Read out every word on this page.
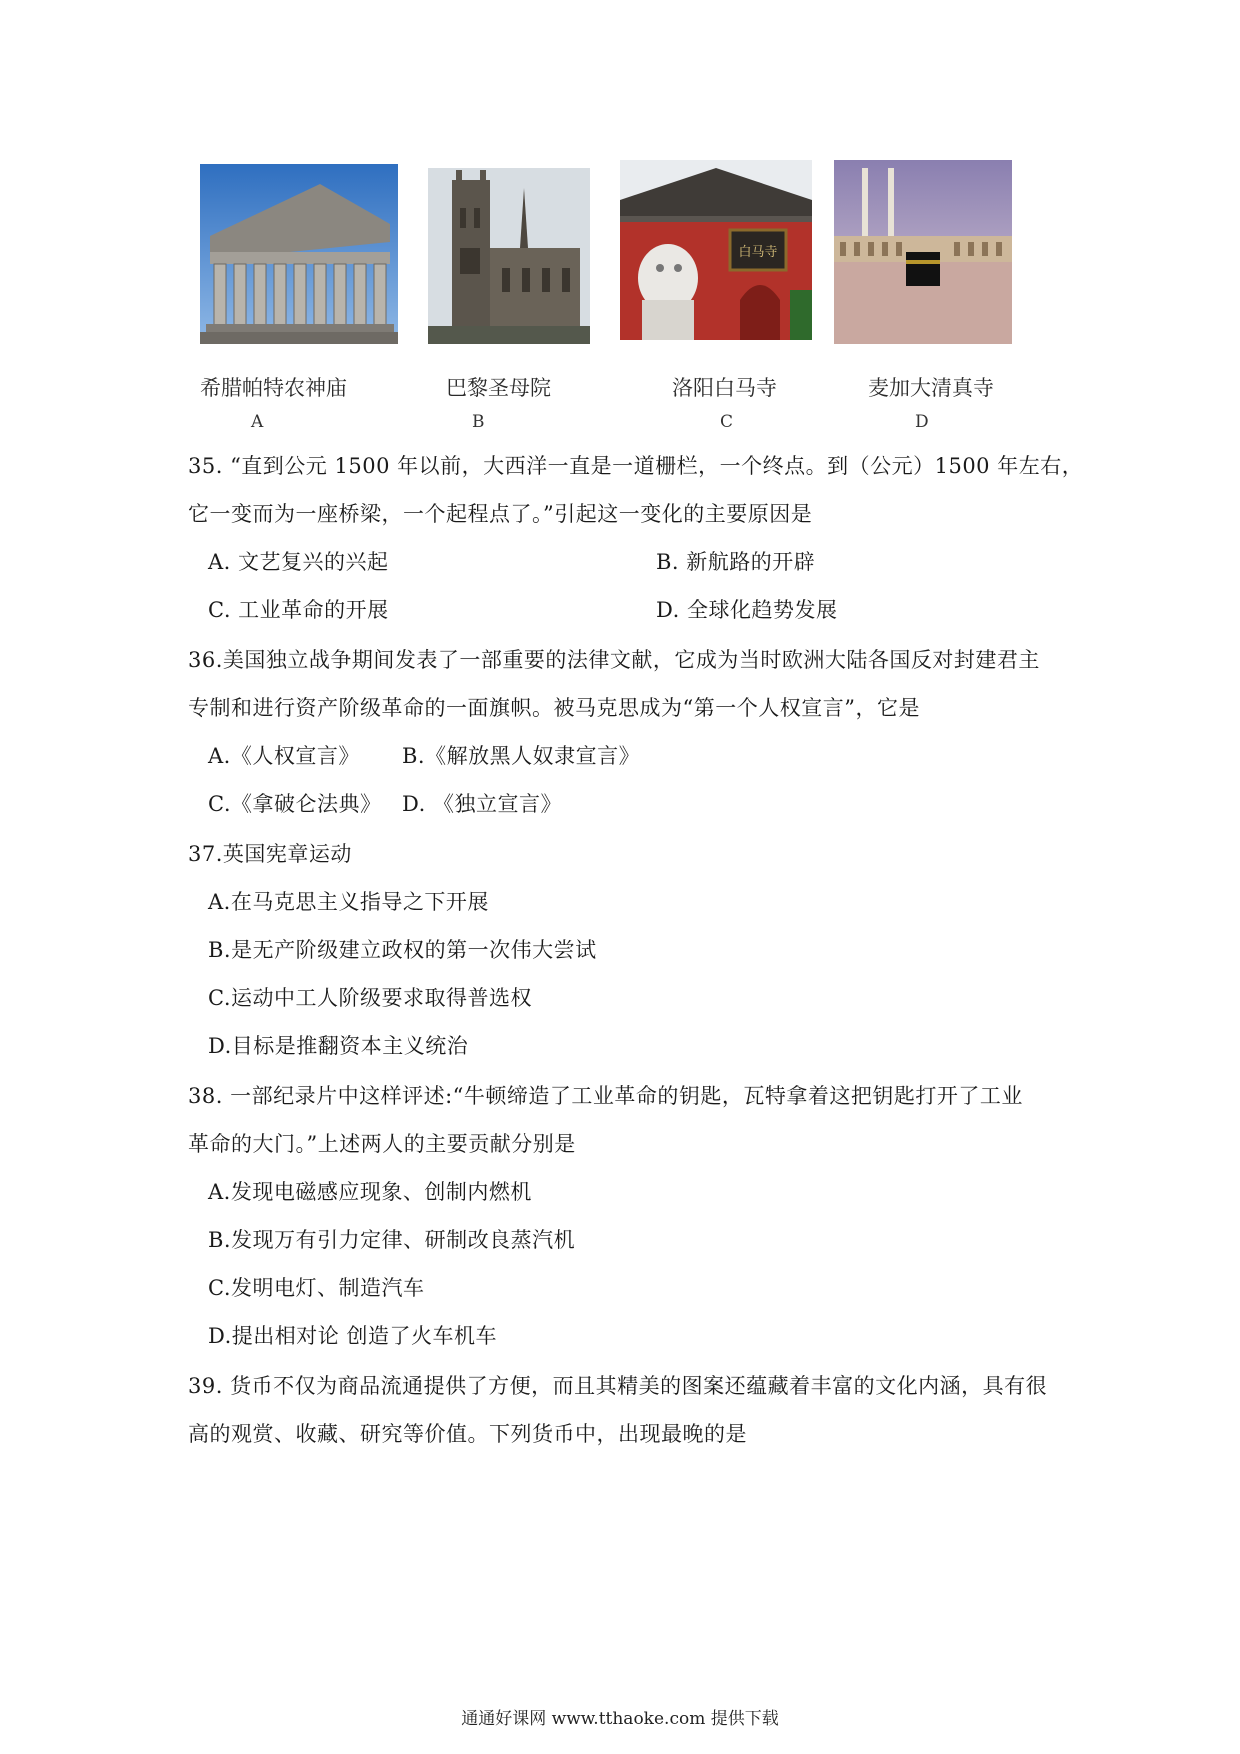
白马寺
希腊帕特农神庙	巴黎圣母院	洛阳白马寺	麦加大清真寺
A	B	C	D
35. “直到公元 1500 年以前，大西洋一直是一道栅栏，一个终点。到（公元）1500 年左右，
它一变而为一座桥梁，一个起程点了。”引起这一变化的主要原因是
A. 文艺复兴的兴起	B. 新航路的开辟
C. 工业革命的开展	D. 全球化趋势发展
36.美国独立战争期间发表了一部重要的法律文献，它成为当时欧洲大陆各国反对封建君主
专制和进行资产阶级革命的一面旗帜。被马克思成为“第一个人权宣言”，它是
A.《人权宣言》 B.《解放黑人奴隶宣言》
C.《拿破仑法典》 D. 《独立宣言》
37.英国宪章运动
A.在马克思主义指导之下开展
B.是无产阶级建立政权的第一次伟大尝试
C.运动中工人阶级要求取得普选权
D.目标是推翻资本主义统治
38. 一部纪录片中这样评述:“牛顿缔造了工业革命的钥匙，瓦特拿着这把钥匙打开了工业
革命的大门。”上述两人的主要贡献分别是
A.发现电磁感应现象、创制内燃机
B.发现万有引力定律、研制改良蒸汽机
C.发明电灯、制造汽车
D.提出相对论 创造了火车机车
39. 货币不仅为商品流通提供了方便，而且其精美的图案还蕴藏着丰富的文化内涵，具有很
高的观赏、收藏、研究等价值。下列货币中，出现最晚的是
通通好课网 www.tthaoke.com 提供下载
